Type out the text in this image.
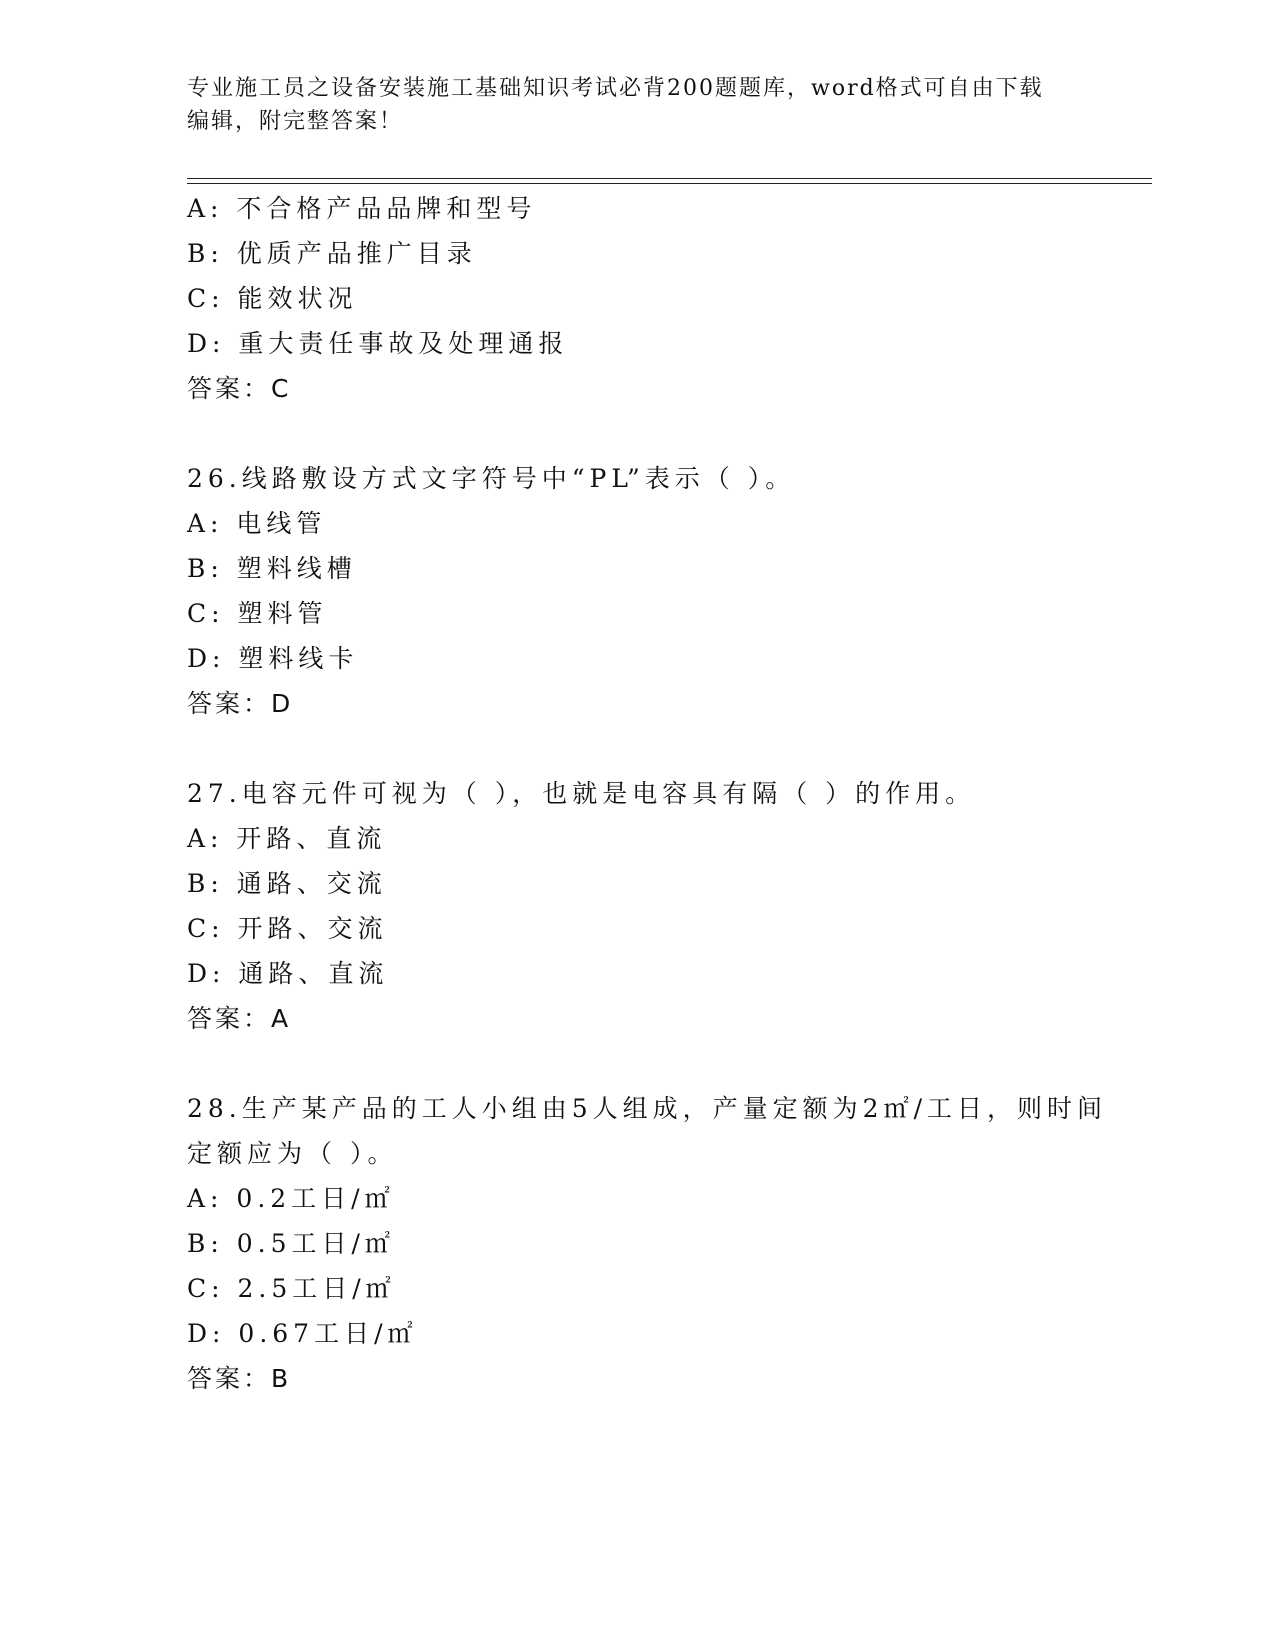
专业施工员之设备安装施工基础知识考试必背200题题库，word格式可自由下载
编辑，附完整答案！
A: 不合格产品品牌和型号
B: 优质产品推广目录
C: 能效状况
D: 重大责任事故及处理通报
答案：C
26.线路敷设方式文字符号中“PL”表示（ ）。
A: 电线管
B: 塑料线槽
C: 塑料管
D: 塑料线卡
答案：D
27.电容元件可视为（ ），也就是电容具有隔（ ）的作用。
A: 开路、直流
B: 通路、交流
C: 开路、交流
D: 通路、直流
答案：A
28.生产某产品的工人小组由5人组成，产量定额为2㎡/工日，则时间
定额应为（ ）。
A: 0.2工日/㎡
B: 0.5工日/㎡
C: 2.5工日/㎡
D: 0.67工日/㎡
答案：B
